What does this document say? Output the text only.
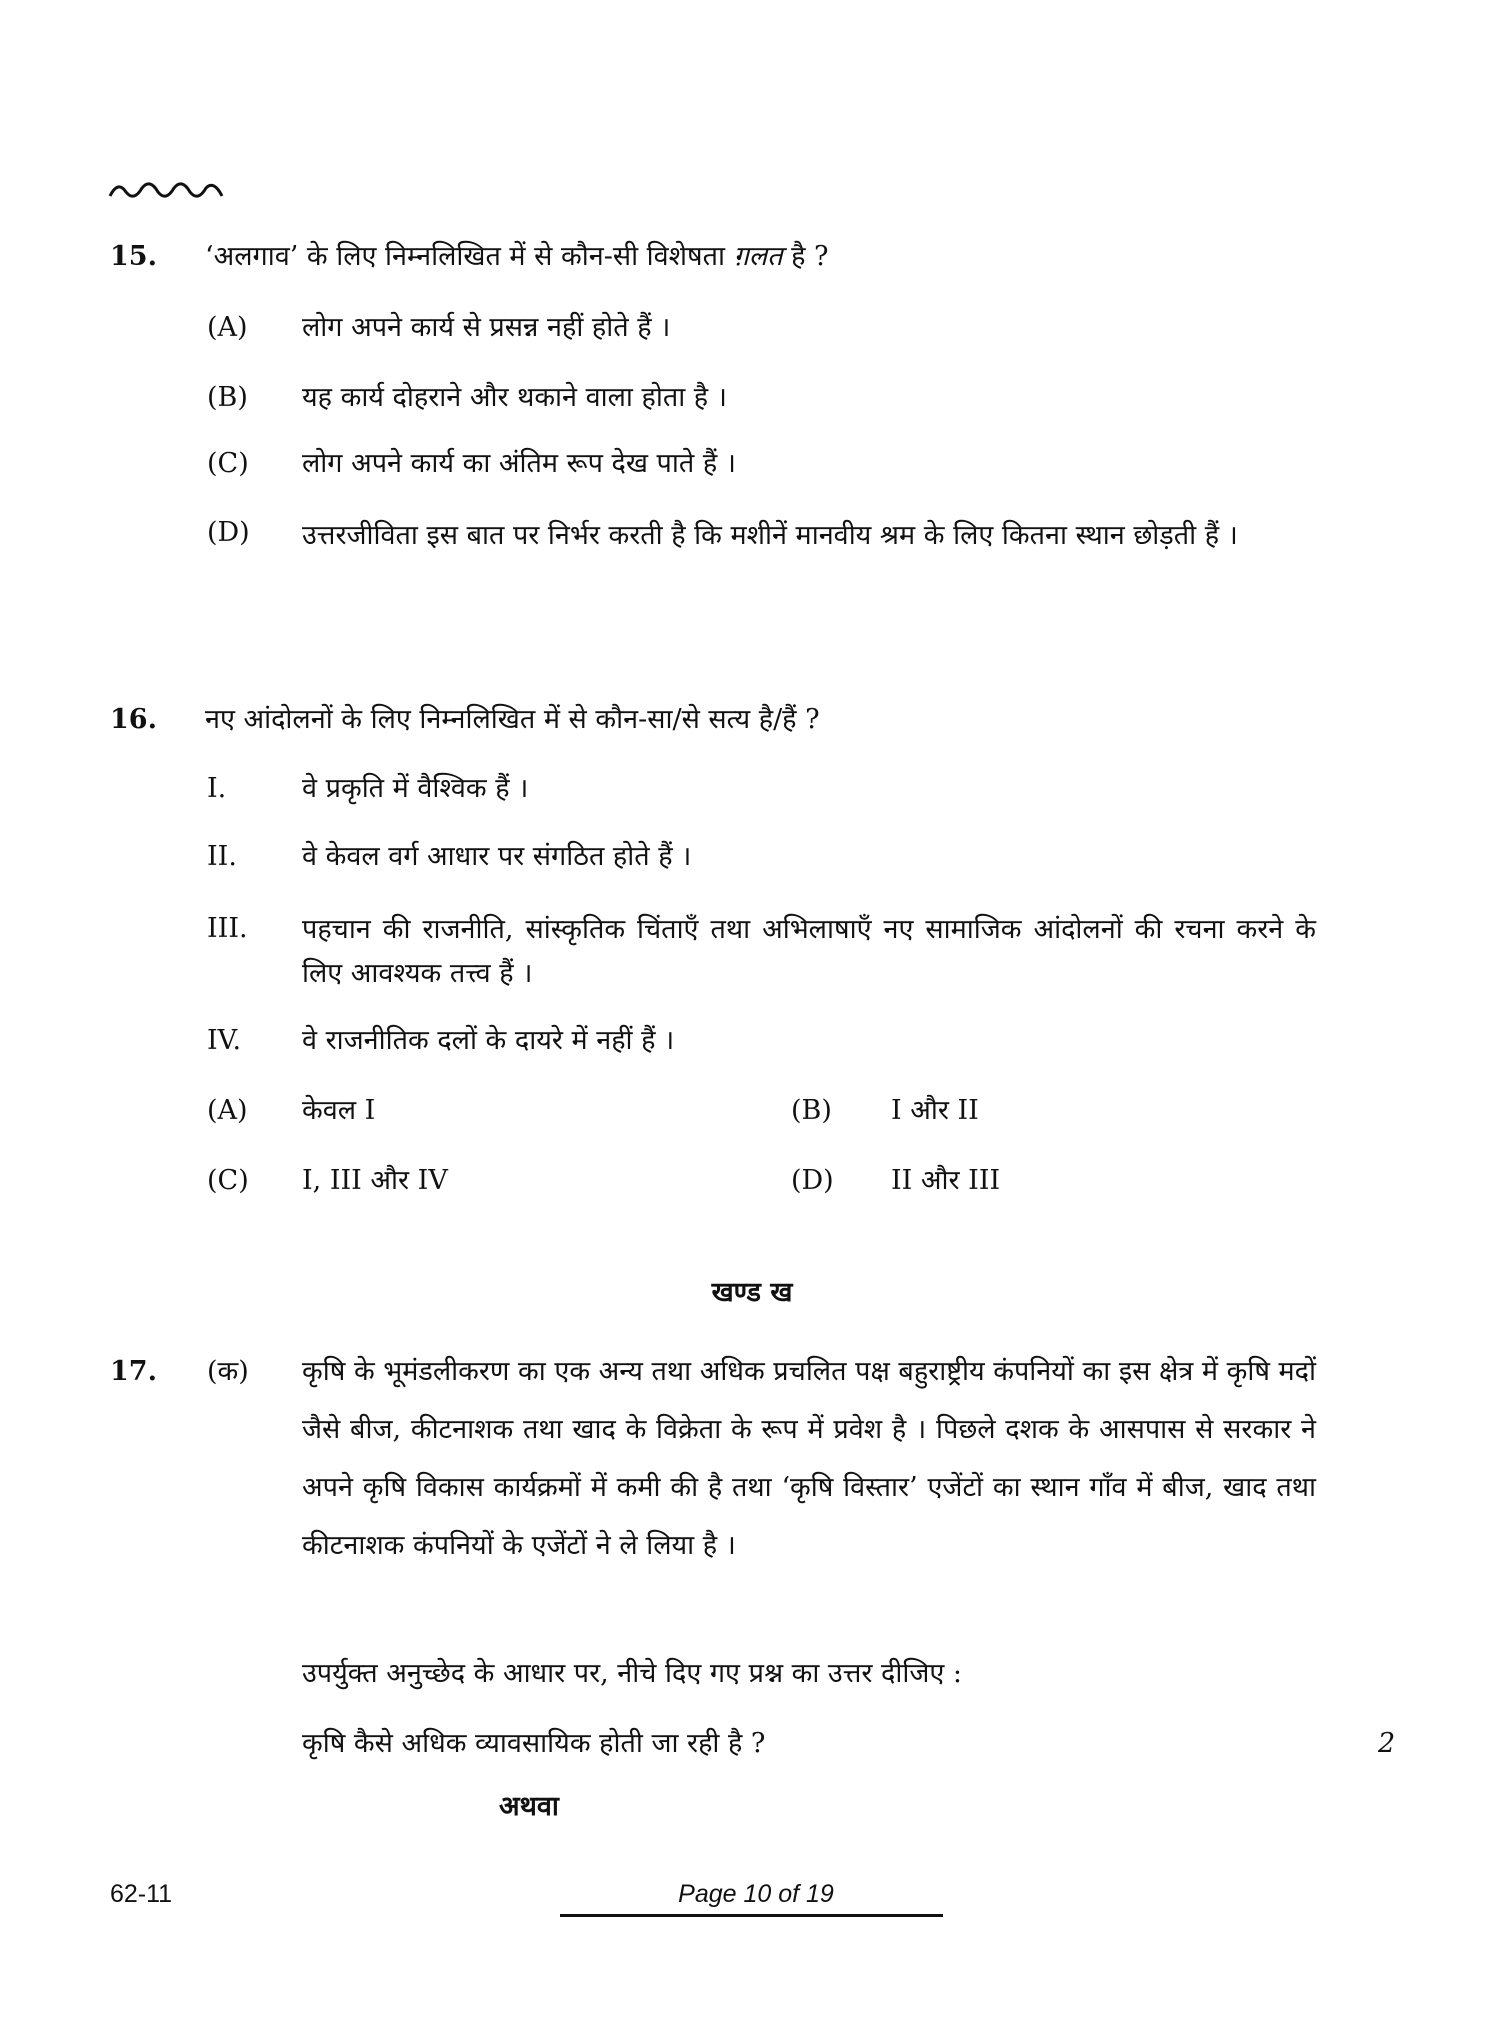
15. ‘अलगाव’ के लिए निम्नलिखित में से कौन-सी विशेषता ग़लत है ?
(A) लोग अपने कार्य से प्रसन्न नहीं होते हैं ।
(B) यह कार्य दोहराने और थकाने वाला होता है ।
(C) लोग अपने कार्य का अंतिम रूप देख पाते हैं ।
(D) उत्तरजीविता इस बात पर निर्भर करती है कि मशीनें मानवीय श्रम के लिए कितना स्थान छोड़ती हैं ।
16. नए आंदोलनों के लिए निम्नलिखित में से कौन-सा/से सत्य है/हैं ?
I.	वे प्रकृति में वैश्विक हैं ।
II. वे केवल वर्ग आधार पर संगठित होते हैं ।
III. पहचान की राजनीति, सांस्कृतिक चिंताएँ तथा अभिलाषाएँ नए सामाजिक आंदोलनों की रचना करने के लिए आवश्यक तत्त्व हैं ।
IV. वे राजनीतिक दलों के दायरे में नहीं हैं ।
(A) केवल I	(B) I और II
(C) I, III और IV	(D) II और III
खण्ड ख
17. (क) कृषि के भूमंडलीकरण का एक अन्य तथा अधिक प्रचलित पक्ष बहुराष्ट्रीय कंपनियों का इस क्षेत्र में कृषि मदों जैसे बीज, कीटनाशक तथा खाद के विक्रेता के रूप में प्रवेश है । पिछले दशक के आसपास से सरकार ने अपने कृषि विकास कार्यक्रमों में कमी की है तथा ‘कृषि विस्तार’ एजेंटों का स्थान गाँव में बीज, खाद तथा कीटनाशक कंपनियों के एजेंटों ने ले लिया है ।
उपर्युक्त अनुच्छेद के आधार पर, नीचे दिए गए प्रश्न का उत्तर दीजिए :
कृषि कैसे अधिक व्यावसायिक होती जा रही है ?	2
अथवा
62-11	Page 10 of 19
